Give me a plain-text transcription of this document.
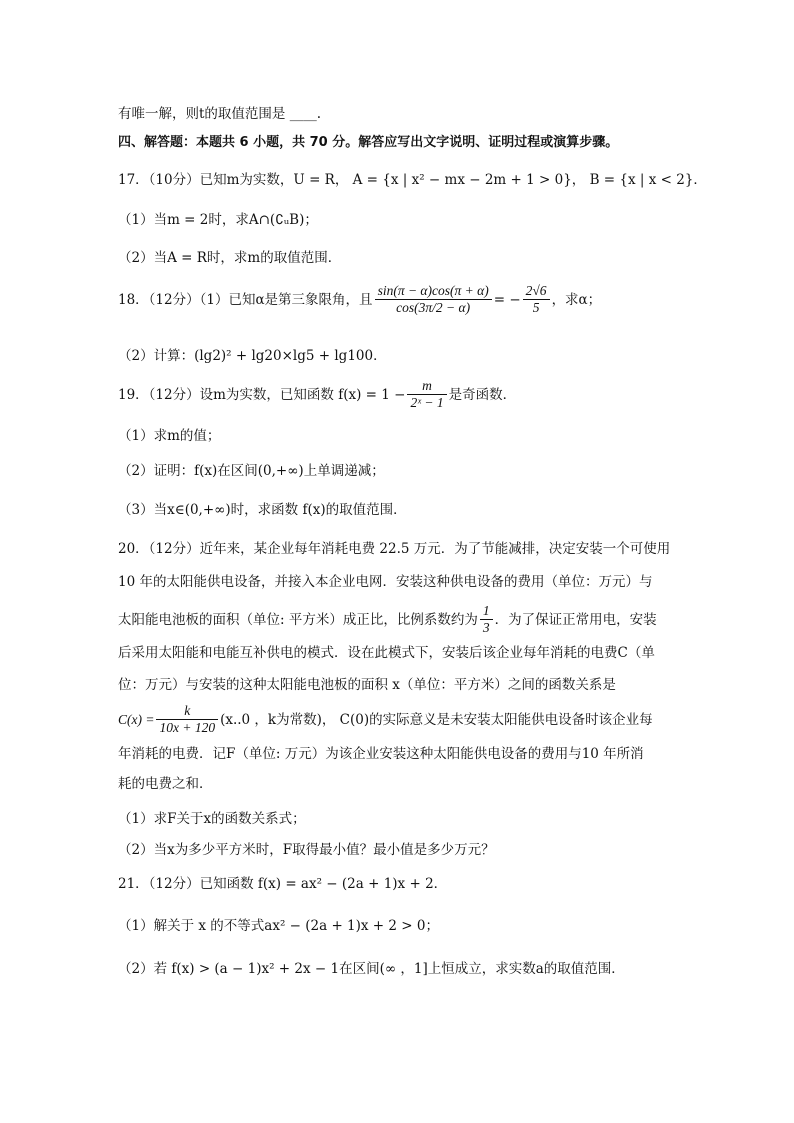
有唯一解，则t的取值范围是 ____.
四、解答题：本题共 6 小题，共 70 分。解答应写出文字说明、证明过程或演算步骤。
17．（10分）已知m为实数，U = R， A = {x | x² − mx − 2m + 1 > 0}， B = {x | x < 2}．
（1）当m = 2时，求A∩(∁ᵤB)；
（2）当A = R时，求m的取值范围．
18．（12分）（1）已知α是第三象限角，且 $\frac{\sin(\pi - \alpha)\cos(\pi + \alpha)}{\cos(3\pi/2 - \alpha)}$ = − $\frac{2√6}{5}$ ，求α；
（2）计算：(lg2)² + lg20×lg5 + lg100．
19．（12分）设m为实数，已知函数 $f(x) = 1 - \frac{m}{\text{2ˣ − 1}}$ 是奇函数．
（1）求m的值；
（2）证明：f(x)在区间(0,+∞)上单调递减；
（3）当x∈(0,+∞)时，求函数 f(x)的取值范围．
20．（12分）近年来，某企业每年消耗电费 22.5 万元．为了节能减排，决定安装一个可使用
10 年的太阳能供电设备，并接入本企业电网．安装这种供电设备的费用（单位：万元）与
太阳能电池板的面积（单位: 平方米）成正比，比例系数约为 $\frac{1}{3}$ ．为了保证正常用电，安装
后采用太阳能和电能互补供电的模式．设在此模式下，安装后该企业每年消耗的电费C（单
位：万元）与安装的这种太阳能电池板的面积 x（单位：平方米）之间的函数关系是
$C(x) = \frac{k}{10x + 120} (x..0$ ，k为常数)， C(0)的实际意义是未安装太阳能供电设备时该企业每
年消耗的电费．记F（单位: 万元）为该企业安装这种太阳能供电设备的费用与10 年所消
耗的电费之和．
（1）求F关于x的函数关系式；
（2）当x为多少平方米时，F取得最小值？最小值是多少万元？
21．（12分）已知函数 f(x) = ax² − (2a + 1)x + 2．
（1）解关于 x 的不等式ax² − (2a + 1)x + 2 > 0；
（2）若 f(x) > (a − 1)x² + 2x − 1在区间(∞ ，1]上恒成立，求实数a的取值范围．
